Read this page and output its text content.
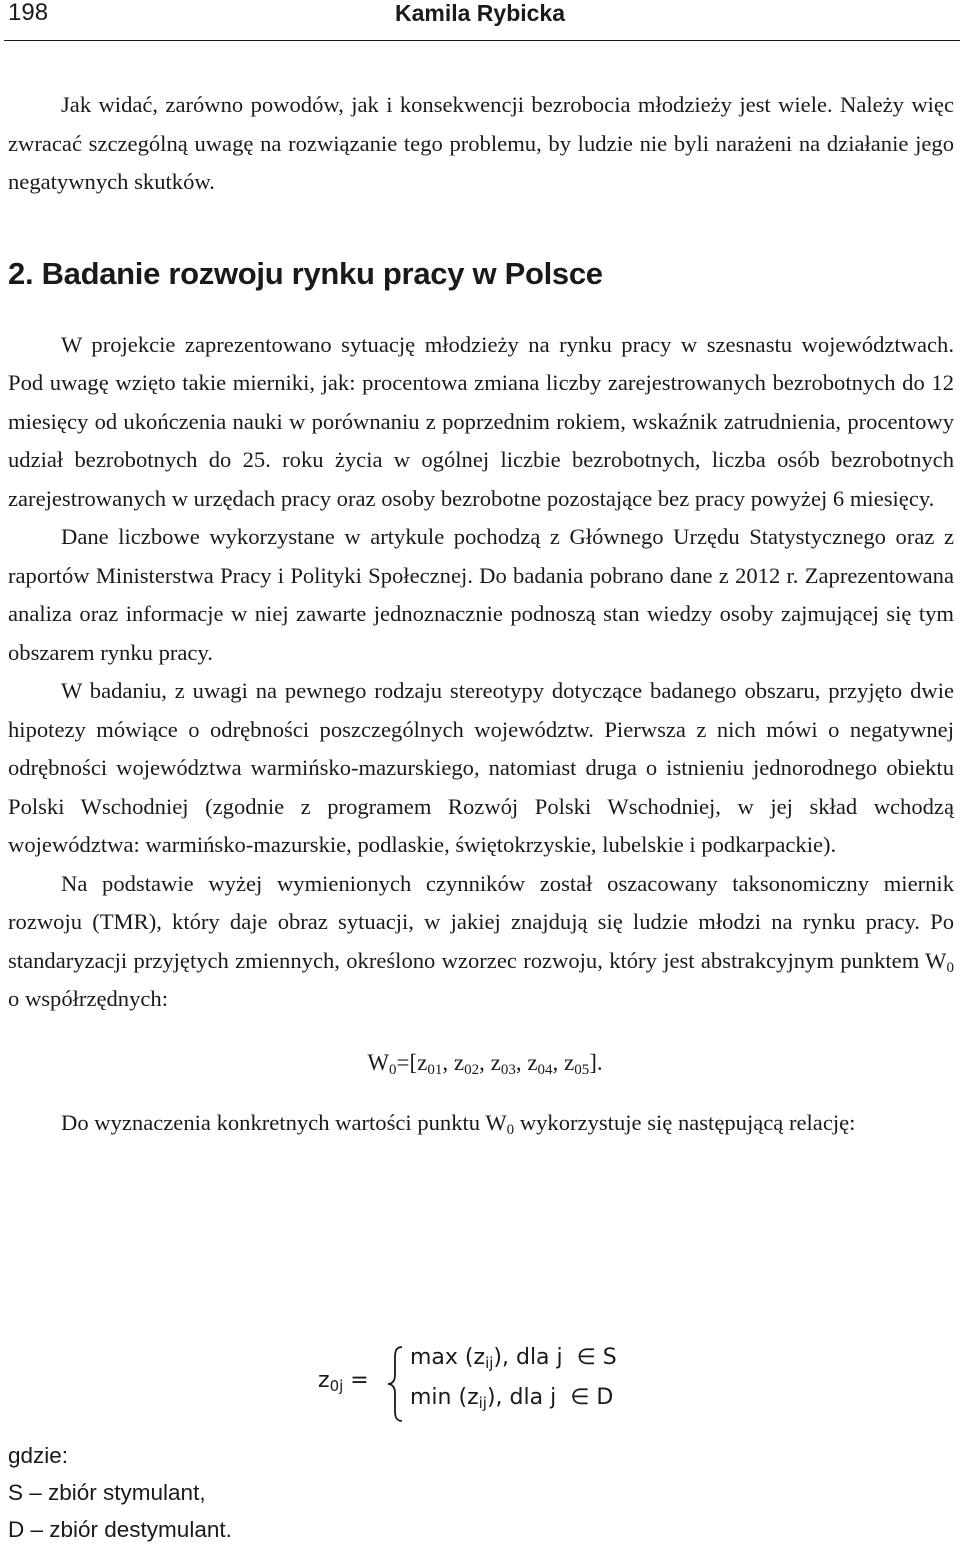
198	Kamila Rybicka

Jak widać, zarówno powodów, jak i konsekwencji bezrobocia młodzieży jest wiele. Należy więc zwracać szczególną uwagę na rozwiązanie tego problemu, by ludzie nie byli narażeni na działanie jego negatywnych skutków.

2. Badanie rozwoju rynku pracy w Polsce

W projekcie zaprezentowano sytuację młodzieży na rynku pracy w szesnastu województwach. Pod uwagę wzięto takie mierniki, jak: procentowa zmiana liczby zarejestrowanych bezrobotnych do 12 miesięcy od ukończenia nauki w porównaniu z poprzednim rokiem, wskaźnik zatrudnienia, procentowy udział bezrobotnych do 25. roku życia w ogólnej liczbie bezrobotnych, liczba osób bezrobotnych zarejestrowanych w urzędach pracy oraz osoby bezrobotne pozostające bez pracy powyżej 6 miesięcy.

Dane liczbowe wykorzystane w artykule pochodzą z Głównego Urzędu Statystycznego oraz z raportów Ministerstwa Pracy i Polityki Społecznej. Do badania pobrano dane z 2012 r. Zaprezentowana analiza oraz informacje w niej zawarte jednoznacznie podnoszą stan wiedzy osoby zajmującej się tym obszarem rynku pracy.

W badaniu, z uwagi na pewnego rodzaju stereotypy dotyczące badanego obszaru, przyjęto dwie hipotezy mówiące o odrębności poszczególnych województw. Pierwsza z nich mówi o negatywnej odrębności województwa warmińsko-mazurskiego, natomiast druga o istnieniu jednorodnego obiektu Polski Wschodniej (zgodnie z programem Rozwój Polski Wschodniej, w jej skład wchodzą województwa: warmińsko-mazurskie, podlaskie, świętokrzyskie, lubelskie i podkarpackie).

Na podstawie wyżej wymienionych czynników został oszacowany taksonomiczny miernik rozwoju (TMR), który daje obraz sytuacji, w jakiej znajdują się ludzie młodzi na rynku pracy. Po standaryzacji przyjętych zmiennych, określono wzorzec rozwoju, który jest abstrakcyjnym punktem $W_0$ o współrzędnych:

$W_0=[z_{01}$, $z_{02}$, $z_{03}$, $z_{04}$, $z_{05}$].

Do wyznaczenia konkretnych wartości punktu $W_0$ wykorzystuje się następującą relację:

$z_{0j}$ =
$\max (z_{ij})$, dla j ∈ S
$\min (z_{ij})$, dla j ∈ D
gdzie:
S – zbiór stymulant,
D – zbiór destymulant.
